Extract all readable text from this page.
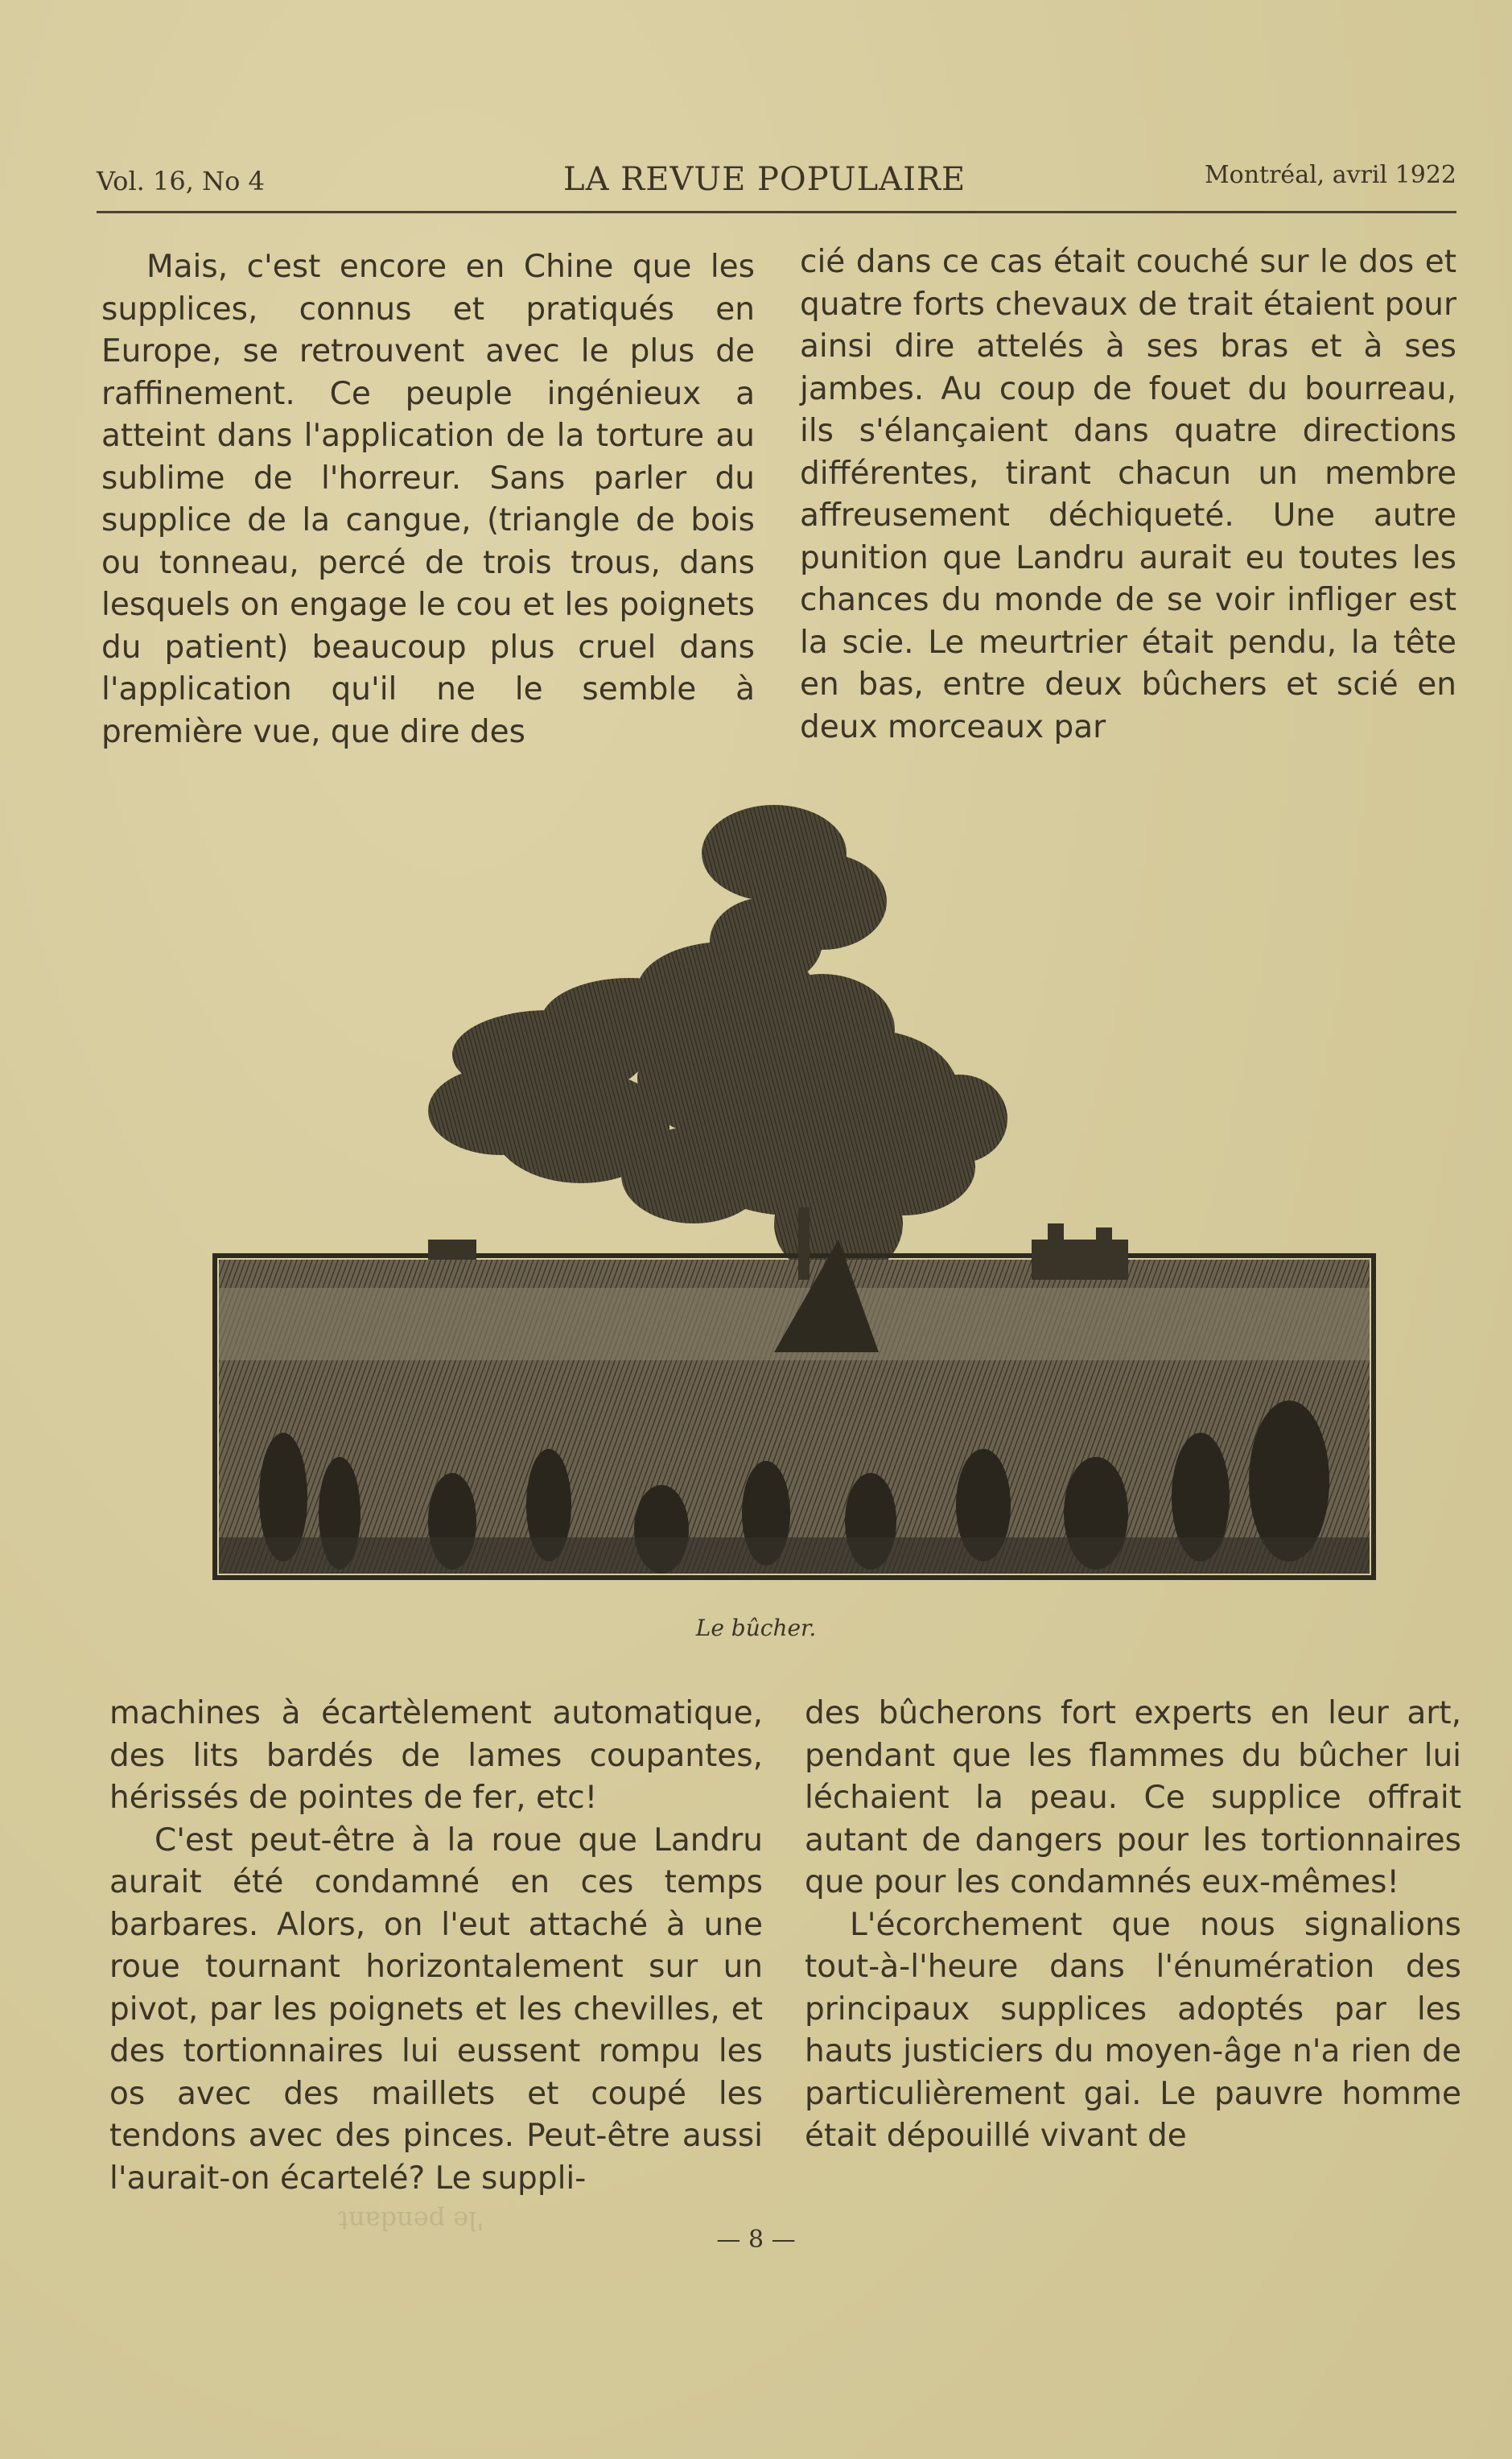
Vol. 16, No 4	LA REVUE POPULAIRE	Montréal, avril 1922

Mais, c'est encore en Chine que les supplices, connus et pratiqués en Europe, se retrouvent avec le plus de raffinement. Ce peuple ingénieux a atteint dans l'application de la torture au sublime de l'horreur. Sans parler du supplice de la cangue, (triangle de bois ou tonneau, percé de trois trous, dans lesquels on engage le cou et les poignets du patient) beaucoup plus cruel dans l'application qu'il ne le semble à première vue, que dire des

cié dans ce cas était couché sur le dos et quatre forts chevaux de trait étaient pour ainsi dire attelés à ses bras et à ses jambes. Au coup de fouet du bourreau, ils s'élançaient dans quatre directions différentes, tirant chacun un membre affreusement déchiqueté. Une autre punition que Landru aurait eu toutes les chances du monde de se voir infliger est la scie. Le meurtrier était pendu, la tête en bas, entre deux bûchers et scié en deux morceaux par

Le bûcher.

machines à écartèlement automatique, des lits bardés de lames coupantes, hérissés de pointes de fer, etc!

C'est peut-être à la roue que Landru aurait été condamné en ces temps barbares. Alors, on l'eut attaché à une roue tournant horizontalement sur un pivot, par les poignets et les chevilles, et des tortionnaires lui eussent rompu les os avec des maillets et coupé les tendons avec des pinces. Peut-être aussi l'aurait-on écartelé? Le suppli-

des bûcherons fort experts en leur art, pendant que les flammes du bûcher lui léchaient la peau. Ce supplice offrait autant de dangers pour les tortionnaires que pour les condamnés eux-mêmes!

L'écorchement que nous signalions tout-à-l'heure dans l'énumération des principaux supplices adoptés par les hauts justiciers du moyen-âge n'a rien de particulièrement gai. Le pauvre homme était dépouillé vivant de

'le pendant
— 8 —
